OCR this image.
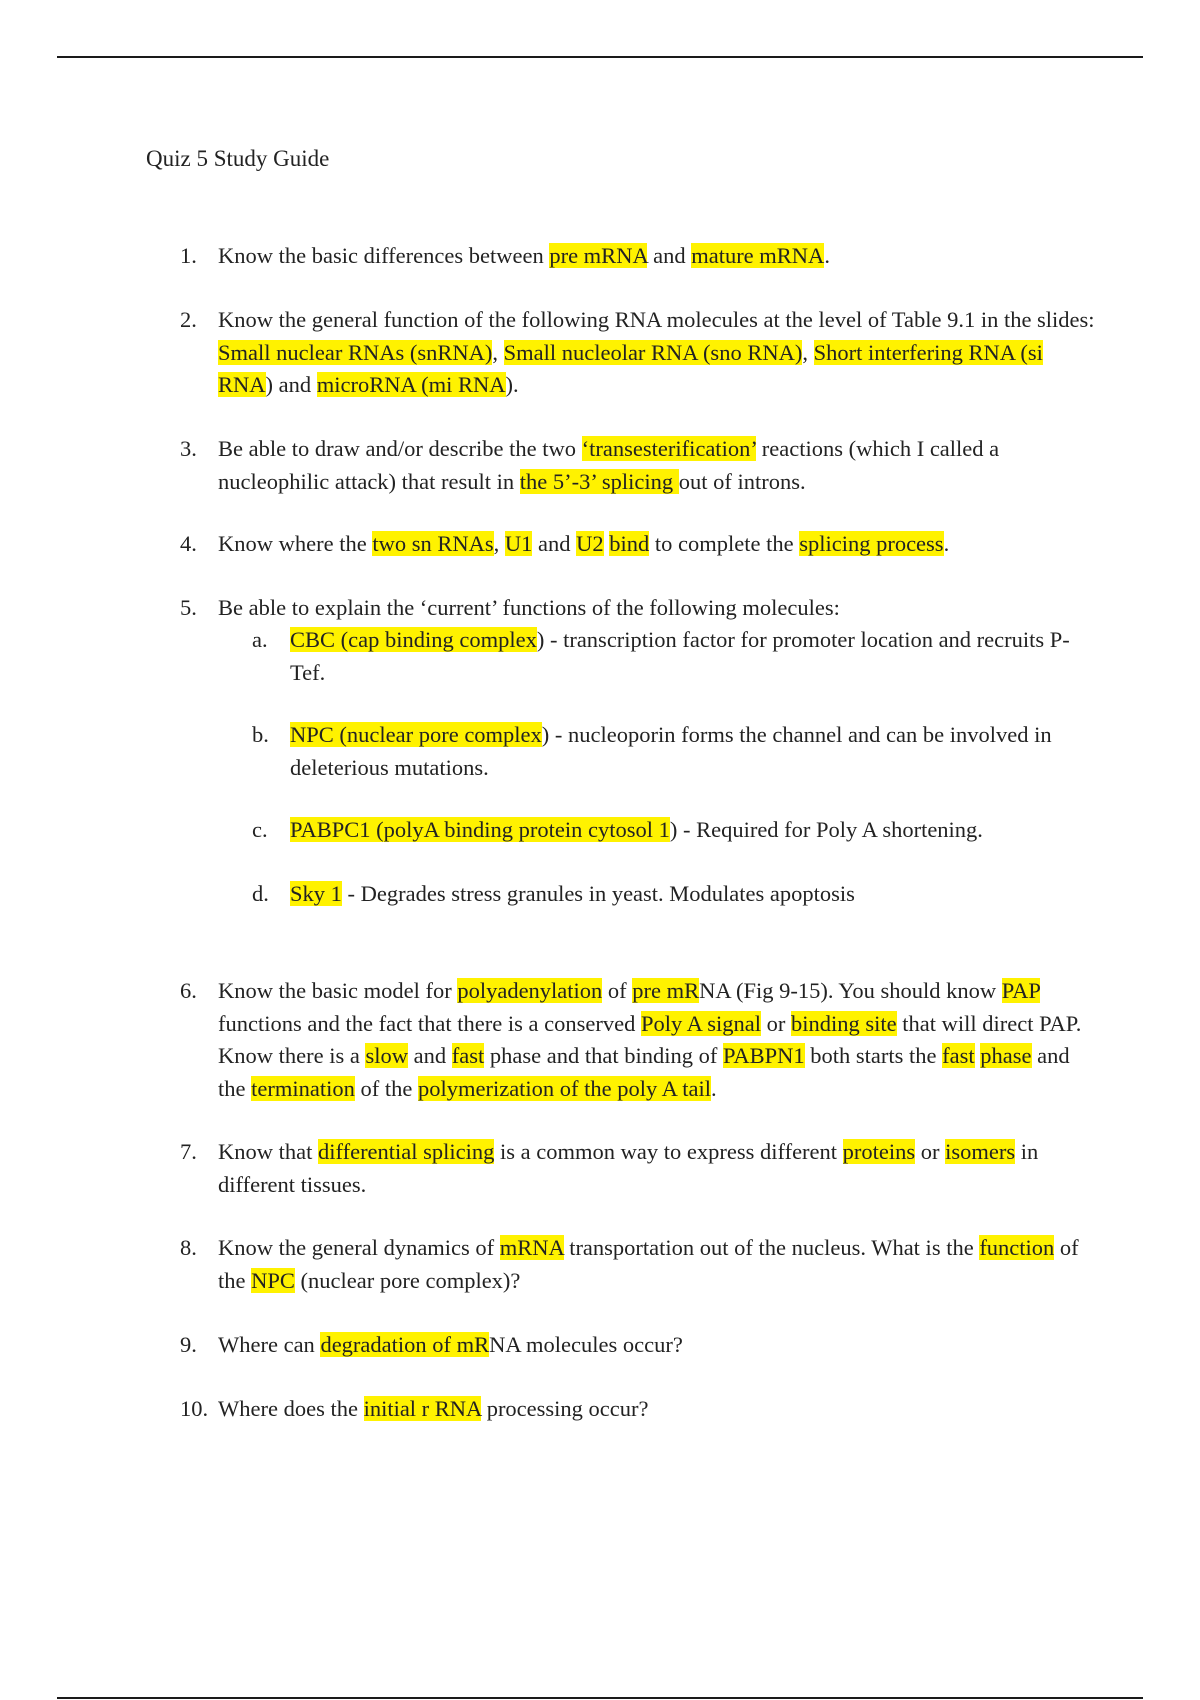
Quiz 5 Study Guide
1. Know the basic differences between pre mRNA and mature mRNA.
2. Know the general function of the following RNA molecules at the level of Table 9.1 in the slides: Small nuclear RNAs (snRNA), Small nucleolar RNA (sno RNA), Short interfering RNA (si RNA) and microRNA (mi RNA).
3. Be able to draw and/or describe the two ‘transesterification’ reactions (which I called a nucleophilic attack) that result in the 5’-3’ splicing out of introns.
4. Know where the two sn RNAs, U1 and U2 bind to complete the splicing process.
5. Be able to explain the ‘current’ functions of the following molecules:
a. CBC (cap binding complex) - transcription factor for promoter location and recruits P-Tef.
b. NPC (nuclear pore complex) - nucleoporin forms the channel and can be involved in deleterious mutations.
c. PABPC1 (polyA binding protein cytosol 1) - Required for Poly A shortening.
d. Sky 1 - Degrades stress granules in yeast. Modulates apoptosis
6. Know the basic model for polyadenylation of pre mRNA (Fig 9-15). You should know PAP functions and the fact that there is a conserved Poly A signal or binding site that will direct PAP. Know there is a slow and fast phase and that binding of PABPN1 both starts the fast phase and the termination of the polymerization of the poly A tail.
7. Know that differential splicing is a common way to express different proteins or isomers in different tissues.
8. Know the general dynamics of mRNA transportation out of the nucleus. What is the function of the NPC (nuclear pore complex)?
9. Where can degradation of mRNA molecules occur?
10. Where does the initial r RNA processing occur?
